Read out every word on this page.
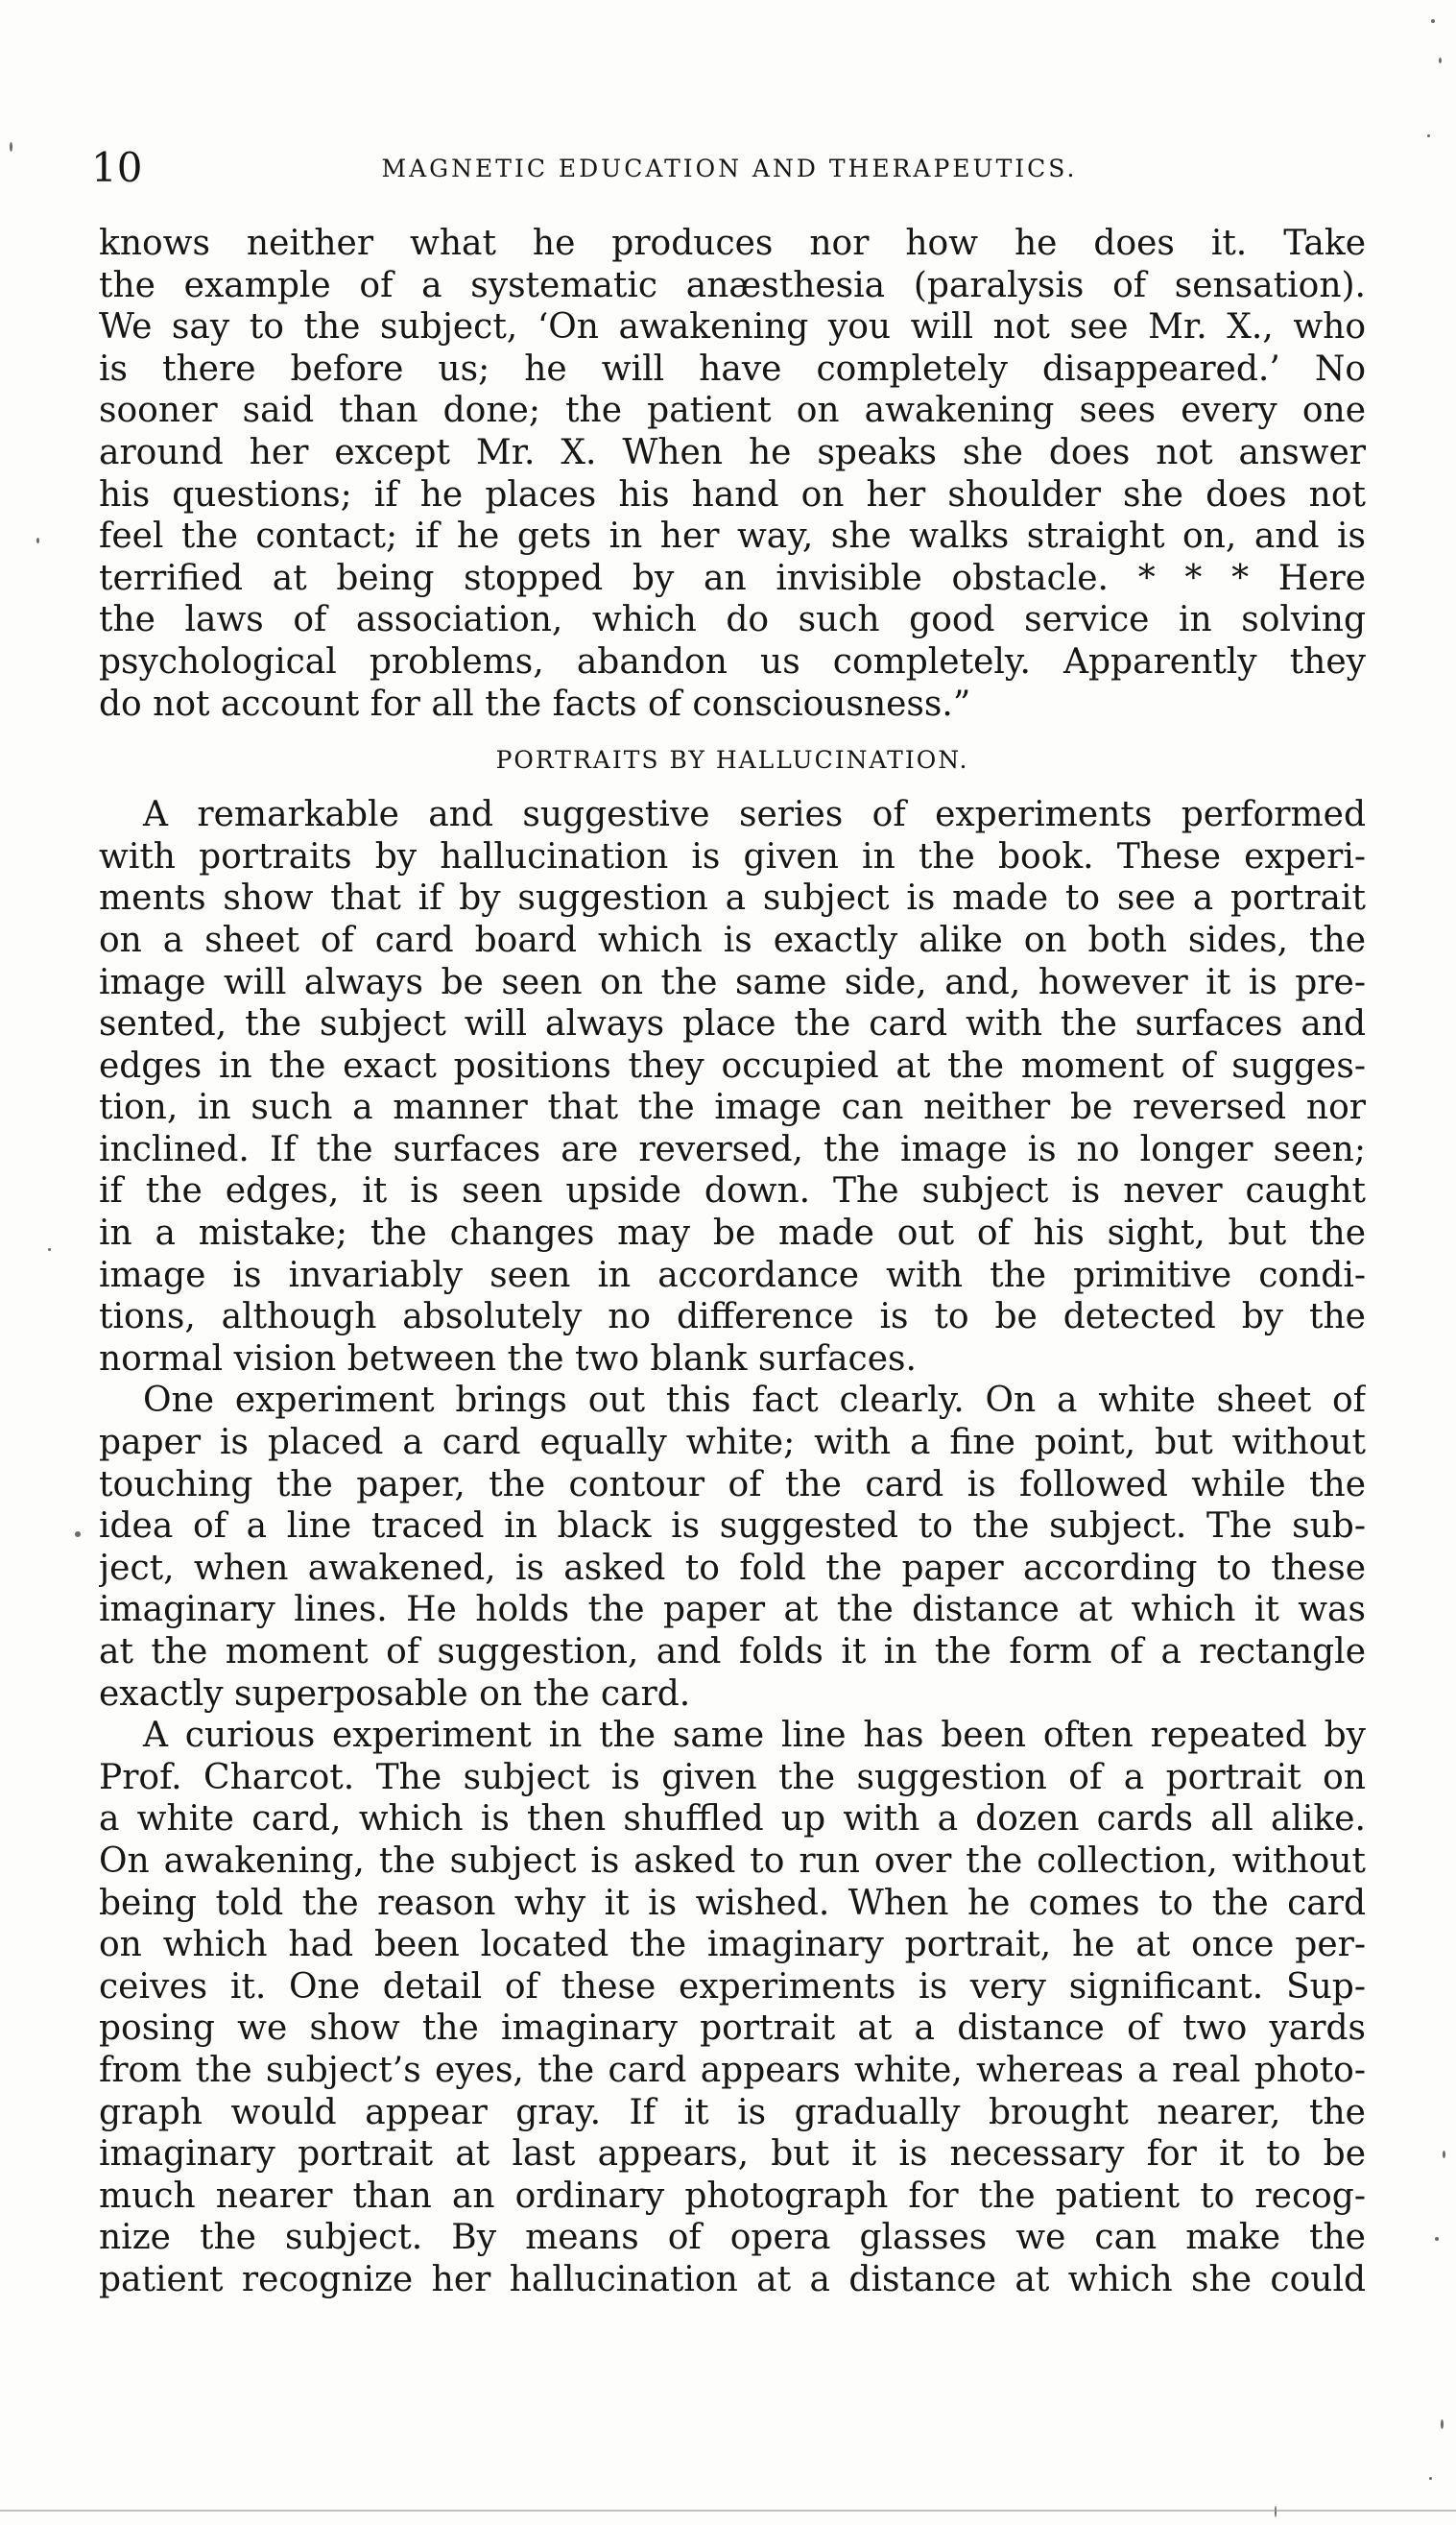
10	MAGNETIC EDUCATION AND THERAPEUTICS.
knows neither what he produces nor how he does it. Take
the example of a systematic anæsthesia (paralysis of sensation).
We say to the subject, ‘On awakening you will not see Mr. X., who
is there before us; he will have completely disappeared.’ No
sooner said than done; the patient on awakening sees every one
around her except Mr. X. When he speaks she does not answer
his questions; if he places his hand on her shoulder she does not
feel the contact; if he gets in her way, she walks straight on, and is
terrified at being stopped by an invisible obstacle. * * * Here
the laws of association, which do such good service in solving
psychological problems, abandon us completely. Apparently they
do not account for all the facts of consciousness.”
PORTRAITS BY HALLUCINATION.
A remarkable and suggestive series of experiments performed
with portraits by hallucination is given in the book. These experi-
ments show that if by suggestion a subject is made to see a portrait
on a sheet of card board which is exactly alike on both sides, the
image will always be seen on the same side, and, however it is pre-
sented, the subject will always place the card with the surfaces and
edges in the exact positions they occupied at the moment of sugges-
tion, in such a manner that the image can neither be reversed nor
inclined. If the surfaces are reversed, the image is no longer seen;
if the edges, it is seen upside down. The subject is never caught
in a mistake; the changes may be made out of his sight, but the
image is invariably seen in accordance with the primitive condi-
tions, although absolutely no difference is to be detected by the
normal vision between the two blank surfaces.
One experiment brings out this fact clearly. On a white sheet of
paper is placed a card equally white; with a fine point, but without
touching the paper, the contour of the card is followed while the
idea of a line traced in black is suggested to the subject. The sub-
ject, when awakened, is asked to fold the paper according to these
imaginary lines. He holds the paper at the distance at which it was
at the moment of suggestion, and folds it in the form of a rectangle
exactly superposable on the card.
A curious experiment in the same line has been often repeated by
Prof. Charcot. The subject is given the suggestion of a portrait on
a white card, which is then shuffled up with a dozen cards all alike.
On awakening, the subject is asked to run over the collection, without
being told the reason why it is wished. When he comes to the card
on which had been located the imaginary portrait, he at once per-
ceives it. One detail of these experiments is very significant. Sup-
posing we show the imaginary portrait at a distance of two yards
from the subject’s eyes, the card appears white, whereas a real photo-
graph would appear gray. If it is gradually brought nearer, the
imaginary portrait at last appears, but it is necessary for it to be
much nearer than an ordinary photograph for the patient to recog-
nize the subject. By means of opera glasses we can make the
patient recognize her hallucination at a distance at which she could
